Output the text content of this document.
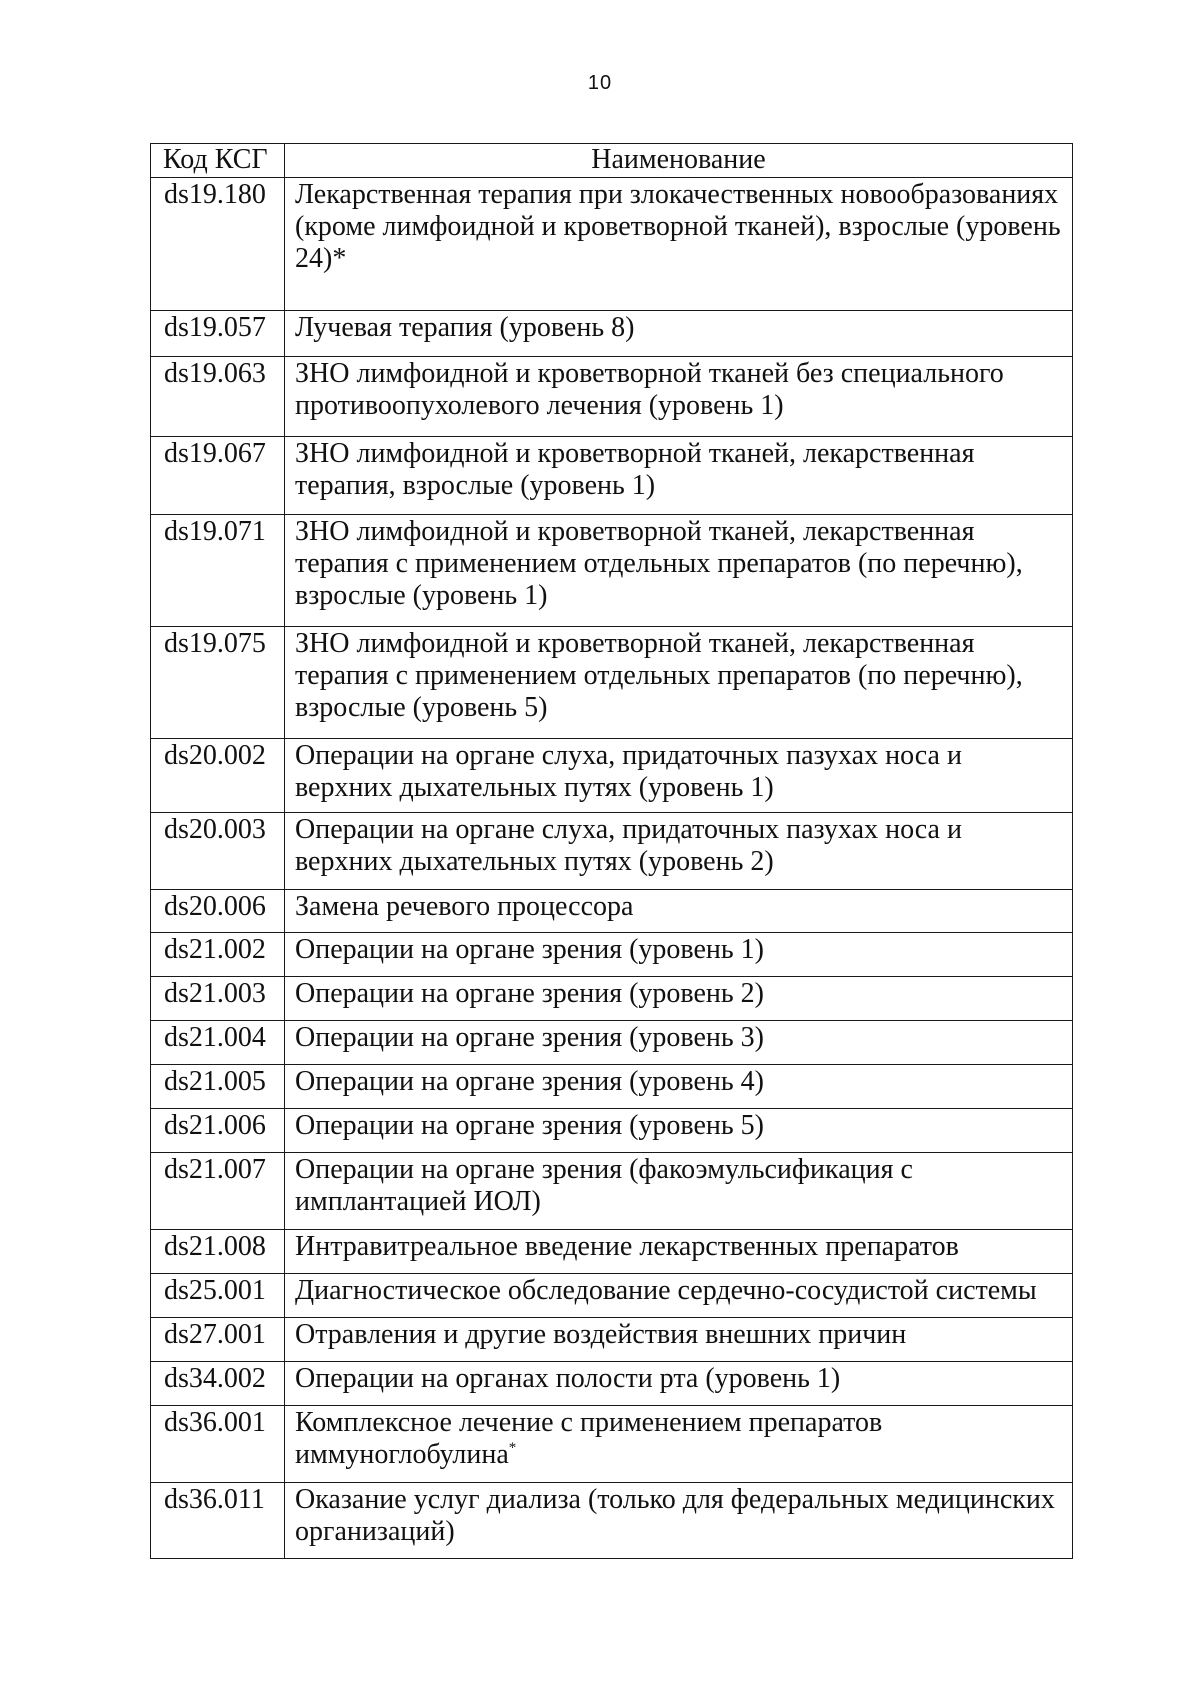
10
Код КСГ	Наименование
ds19.180	Лекарственная терапия при злокачественных новообразованиях (кроме лимфоидной и кроветворной тканей), взрослые (уровень 24)*
ds19.057	Лучевая терапия (уровень 8)
ds19.063	ЗНО лимфоидной и кроветворной тканей без специального противоопухолевого лечения (уровень 1)
ds19.067	ЗНО лимфоидной и кроветворной тканей, лекарственная терапия, взрослые (уровень 1)
ds19.071	ЗНО лимфоидной и кроветворной тканей, лекарственная терапия с применением отдельных препаратов (по перечню), взрослые (уровень 1)
ds19.075	ЗНО лимфоидной и кроветворной тканей, лекарственная терапия с применением отдельных препаратов (по перечню), взрослые (уровень 5)
ds20.002	Операции на органе слуха, придаточных пазухах носа и верхних дыхательных путях (уровень 1)
ds20.003	Операции на органе слуха, придаточных пазухах носа и верхних дыхательных путях (уровень 2)
ds20.006	Замена речевого процессора
ds21.002	Операции на органе зрения (уровень 1)
ds21.003	Операции на органе зрения (уровень 2)
ds21.004	Операции на органе зрения (уровень 3)
ds21.005	Операции на органе зрения (уровень 4)
ds21.006	Операции на органе зрения (уровень 5)
ds21.007	Операции на органе зрения (факоэмульсификация с имплантацией ИОЛ)
ds21.008	Интравитреальное введение лекарственных препаратов
ds25.001	Диагностическое обследование сердечно-сосудистой системы
ds27.001	Отравления и другие воздействия внешних причин
ds34.002	Операции на органах полости рта (уровень 1)
ds36.001	Комплексное лечение с применением препаратов иммуноглобулина*
ds36.011	Оказание услуг диализа (только для федеральных медицинских организаций)
